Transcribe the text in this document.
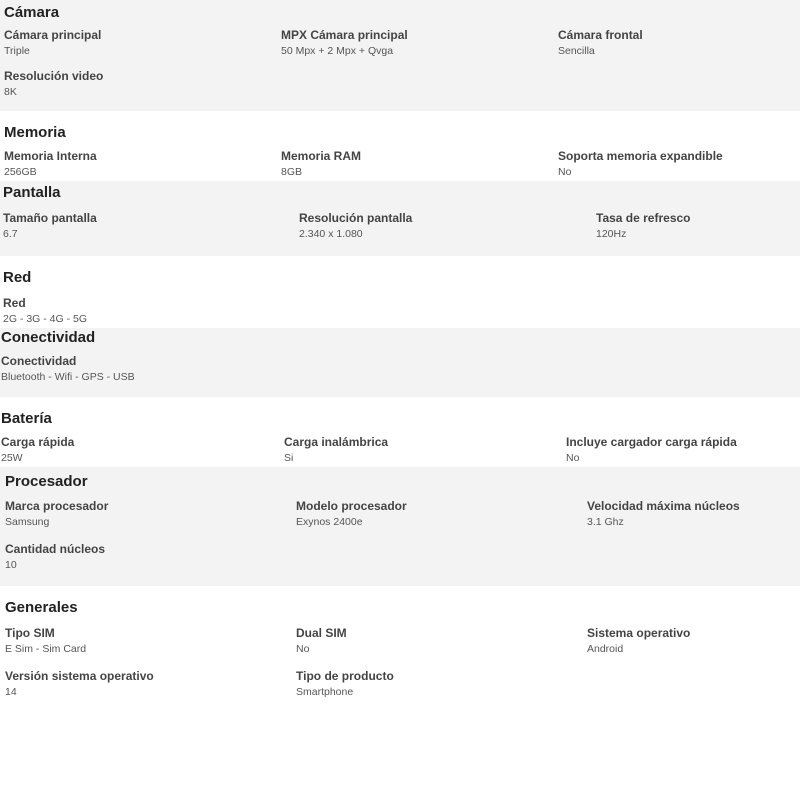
Cámara
Cámara principal
Triple
MPX Cámara principal
50 Mpx + 2 Mpx + Qvga
Cámara frontal
Sencilla
Resolución video
8K
Memoria
Memoria Interna
256GB
Memoria RAM
8GB
Soporta memoria expandible
No
Pantalla
Tamaño pantalla
6.7
Resolución pantalla
2.340 x 1.080
Tasa de refresco
120Hz
Red
Red
2G - 3G - 4G - 5G
Conectividad
Conectividad
Bluetooth - Wifi - GPS - USB
Batería
Carga rápida
25W
Carga inalámbrica
Si
Incluye cargador carga rápida
No
Procesador
Marca procesador
Samsung
Modelo procesador
Exynos 2400e
Velocidad máxima núcleos
3.1 Ghz
Cantidad núcleos
10
Generales
Tipo SIM
E Sim - Sim Card
Dual SIM
No
Sistema operativo
Android
Versión sistema operativo
14
Tipo de producto
Smartphone
